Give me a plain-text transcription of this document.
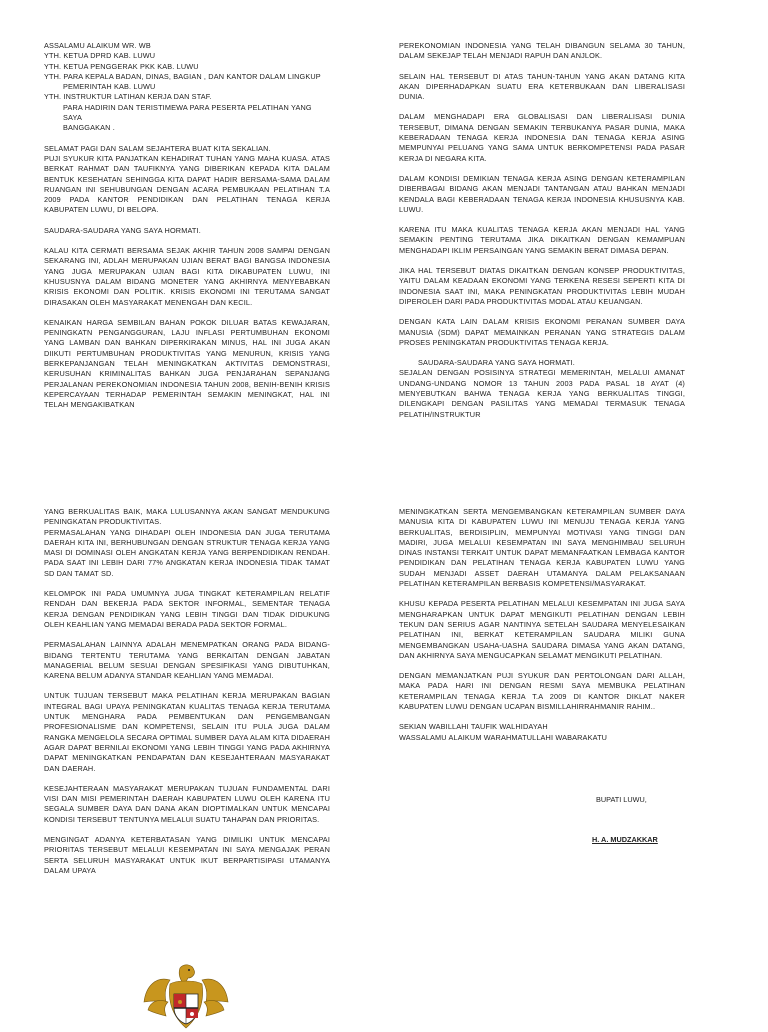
ASSALAMU ALAIKUM WR. WB
YTH. KETUA DPRD KAB. LUWU
YTH. KETUA PENGGERAK PKK KAB. LUWU
YTH. PARA KEPALA BADAN, DINAS, BAGIAN , DAN KANTOR DALAM LINGKUP
PEMERINTAH KAB. LUWU
YTH. INSTRUKTUR LATIHAN KERJA DAN STAF.
PARA HADIRIN DAN TERISTIMEWA PARA PESERTA PELATIHAN YANG SAYA
BANGGAKAN .

SELAMAT PAGI DAN SALAM SEJAHTERA BUAT KITA SEKALIAN.

PUJI SYUKUR KITA PANJATKAN KEHADIRAT TUHAN YANG MAHA KUASA. ATAS BERKAT RAHMAT DAN TAUFIKNYA YANG DIBERIKAN KEPADA KITA DALAM BENTUK KESEHATAN SEHINGGA KITA DAPAT HADIR BERSAMA-SAMA DALAM RUANGAN INI SEHUBUNGAN DENGAN ACARA PEMBUKAAN PELATIHAN T.A 2009 PADA KANTOR PENDIDIKAN DAN PELATIHAN TENAGA KERJA KABUPATEN LUWU, DI BELOPA.

SAUDARA-SAUDARA YANG SAYA HORMATI.

KALAU KITA CERMATI BERSAMA SEJAK AKHIR TAHUN 2008 SAMPAI DENGAN SEKARANG INI, ADLAH MERUPAKAN UJIAN BERAT BAGI BANGSA INDONESIA YANG JUGA MERUPAKAN UJIAN BAGI KITA DIKABUPATEN LUWU, INI KHUSUSNYA DALAM BIDANG MONETER YANG AKHIRNYA MENYEBABKAN KRISIS EKONOMI DAN POLITIK. KRISIS EKONOMI INI TERUTAMA SANGAT DIRASAKAN OLEH MASYARAKAT MENENGAH DAN KECIL.

KENAIKAN HARGA SEMBILAN BAHAN POKOK DILUAR BATAS KEWAJARAN, PENINGKATN PENGANGGURAN, LAJU INFLASI PERTUMBUHAN EKONOMI YANG LAMBAN DAN BAHKAN DIPERKIRAKAN MINUS, HAL INI JUGA AKAN DIIKUTI PERTUMBUHAN PRODUKTIVITAS YANG MENURUN, KRISIS YANG BERKEPANJANGAN TELAH MENINGKATKAN AKTIVITAS DEMONSTRASI, KERUSUHAN KRIMINALITAS BAHKAN JUGA PENJARAHAN SEPANJANG PERJALANAN PEREKONOMIAN INDONESIA TAHUN 2008, BENIH-BENIH KRISIS KEPERCAYAAN TERHADAP PEMERINTAH SEMAKIN MENINGKAT, HAL INI TELAH MENGAKIBATKAN

PEREKONOMIAN INDONESIA YANG TELAH DIBANGUN SELAMA 30 TAHUN, DALAM SEKEJAP TELAH MENJADI RAPUH DAN ANJLOK.

SELAIN HAL TERSEBUT DI ATAS TAHUN-TAHUN YANG AKAN DATANG KITA AKAN DIPERHADAPKAN SUATU ERA KETERBUKAAN DAN LIBERALISASI DUNIA.

DALAM MENGHADAPI ERA GLOBALISASI DAN LIBERALISASI DUNIA TERSEBUT, DIMANA DENGAN SEMAKIN TERBUKANYA PASAR DUNIA, MAKA KEBERADAAN TENAGA KERJA INDONESIA DAN TENAGA KERJA ASING MEMPUNYAI PELUANG YANG SAMA UNTUK BERKOMPETENSI PADA PASAR KERJA DI NEGARA KITA.

DALAM KONDISI DEMIKIAN TENAGA KERJA ASING DENGAN KETERAMPILAN DIBERBAGAI BIDANG AKAN MENJADI TANTANGAN ATAU BAHKAN MENJADI KENDALA BAGI KEBERADAAN TENAGA KERJA INDONESIA KHUSUSNYA KAB. LUWU.

KARENA ITU MAKA KUALITAS TENAGA KERJA AKAN MENJADI HAL YANG SEMAKIN PENTING TERUTAMA JIKA DIKAITKAN DENGAN KEMAMPUAN MENGHADAPI IKLIM PERSAINGAN YANG SEMAKIN BERAT DIMASA DEPAN.

JIKA HAL TERSEBUT DIATAS DIKAITKAN DENGAN KONSEP PRODUKTIVITAS, YAITU DALAM KEADAAN EKONOMI YANG TERKENA RESESI SEPERTI KITA DI INDONESIA SAAT INI, MAKA PENINGKATAN PRODUKTIVITAS LEBIH MUDAH DIPEROLEH DARI PADA PRODUKTIVITAS MODAL ATAU KEUANGAN.

DENGAN KATA LAIN DALAM KRISIS EKONOMI PERANAN SUMBER DAYA MANUSIA (SDM) DAPAT MEMAINKAN PERANAN YANG STRATEGIS DALAM PROSES PENINGKATAN PRODUKTIVITAS TENAGA KERJA.

SAUDARA-SAUDARA YANG SAYA HORMATI.

SEJALAN DENGAN POSISINYA STRATEGI MEMERINTAH, MELALUI AMANAT UNDANG-UNDANG NOMOR 13 TAHUN 2003 PADA PASAL 18 AYAT (4) MENYEBUTKAN BAHWA TENAGA KERJA YANG BERKUALITAS TINGGI, DILENGKAPI DENGAN PASILITAS YANG MEMADAI TERMASUK TENAGA PELATIH/INSTRUKTUR

YANG BERKUALITAS BAIK, MAKA LULUSANNYA AKAN SANGAT MENDUKUNG PENINGKATAN PRODUKTIVITAS.

PERMASALAHAN YANG DIHADAPI OLEH INDONESIA DAN JUGA TERUTAMA DAERAH KITA INI, BERHUBUNGAN DENGAN STRUKTUR TENAGA KERJA YANG MASI DI DOMINASI OLEH ANGKATAN KERJA YANG BERPENDIDIKAN RENDAH. PADA SAAT INI LEBIH DARI 77% ANGKATAN KERJA INDONESIA TIDAK TAMAT SD DAN TAMAT SD.

KELOMPOK INI PADA UMUMNYA JUGA TINGKAT KETERAMPILAN RELATIF RENDAH DAN BEKERJA PADA SEKTOR INFORMAL, SEMENTAR TENAGA KERJA DENGAN PENDIDIKAN YANG LEBIH TINGGI DAN TIDAK DIDUKUNG OLEH KEAHLIAN YANG MEMADAI BERADA PADA SEKTOR FORMAL.

PERMASALAHAN LAINNYA ADALAH MENEMPATKAN ORANG PADA BIDANG-BIDANG TERTENTU TERUTAMA YANG BERKAITAN DENGAN JABATAN MANAGERIAL BELUM SESUAI DENGAN SPESIFIKASI YANG DIBUTUHKAN, KARENA BELUM ADANYA STANDAR KEAHLIAN YANG MEMADAI.

UNTUK TUJUAN TERSEBUT MAKA PELATIHAN KERJA MERUPAKAN BAGIAN INTEGRAL BAGI UPAYA PENINGKATAN KUALITAS TENAGA KERJA TERUTAMA UNTUK MENGHARA PADA PEMBENTUKAN DAN PENGEMBANGAN PROFESIONALISME DAN KOMPETENSI, SELAIN ITU PULA JUGA DALAM RANGKA MENGELOLA SECARA OPTIMAL SUMBER DAYA ALAM KITA DIDAERAH AGAR DAPAT BERNILAI EKONOMI YANG LEBIH TINGGI YANG PADA AKHIRNYA DAPAT MENINGKATKAN PENDAPATAN DAN KESEJAHTERAAN MASYARAKAT DAN DAERAH.

KESEJAHTERAAN MASYARAKAT MERUPAKAN TUJUAN FUNDAMENTAL DARI VISI DAN MISI PEMERINTAH DAERAH KABUPATEN LUWU OLEH KARENA ITU SEGALA SUMBER DAYA DAN DANA AKAN DIOPTIMALKAN UNTUK MENCAPAI KONDISI TERSEBUT TENTUNYA MELALUI SUATU TAHAPAN DAN PRIORITAS.

MENGINGAT ADANYA KETERBATASAN YANG DIMILIKI UNTUK MENCAPAI PRIORITAS TERSEBUT MELALUI KESEMPATAN INI SAYA MENGAJAK PERAN SERTA SELURUH MASYARAKAT UNTUK IKUT BERPARTISIPASI UTAMANYA DALAM UPAYA

MENINGKATKAN SERTA MENGEMBANGKAN KETERAMPILAN SUMBER DAYA MANUSIA KITA DI KABUPATEN LUWU INI MENUJU TENAGA KERJA YANG BERKUALITAS, BERDISIPLIN, MEMPUNYAI MOTIVASI YANG TINGGI DAN MADIRI, JUGA MELALUI KESEMPATAN INI SAYA MENGHIMBAU SELURUH DINAS INSTANSI TERKAIT UNTUK DAPAT MEMANFAATKAN LEMBAGA KANTOR PENDIDIKAN DAN PELATIHAN TENAGA KERJA KABUPATEN LUWU YANG SUDAH MENJADI ASSET DAERAH UTAMANYA DALAM PELAKSANAAN PELATIHAN KETERAMPILAN BERBASIS KOMPETENSI/MASYARAKAT.

KHUSU KEPADA PESERTA PELATIHAN MELALUI KESEMPATAN INI JUGA SAYA MENGHARAPKAN UNTUK DAPAT MENGIKUTI PELATIHAN DENGAN LEBIH TEKUN DAN SERIUS AGAR NANTINYA SETELAH SAUDARA MENYELESAIKAN PELATIHAN INI, BERKAT KETERAMPILAN SAUDARA MILIKI GUNA MENGEMBANGKAN USAHA-UASHA SAUDARA DIMASA YANG AKAN DATANG, DAN AKHIRNYA SAYA MENGUCAPKAN SELAMAT MENGIKUTI PELATIHAN.

DENGAN MEMANJATKAN PUJI SYUKUR DAN PERTOLONGAN DARI ALLAH, MAKA PADA HARI INI DENGAN RESMI SAYA MEMBUKA PELATIHAN KETERAMPILAN TENAGA KERJA T.A 2009 DI KANTOR DIKLAT NAKER KABUPATEN LUWU DENGAN UCAPAN BISMILLAHIRRAHMANIR RAHIM..

SEKIAN WABILLAHI TAUFIK WALHIDAYAH
WASSALAMU ALAIKUM WARAHMATULLAHI WABARAKATU
BUPATI LUWU,
H. A. MUDZAKKAR
